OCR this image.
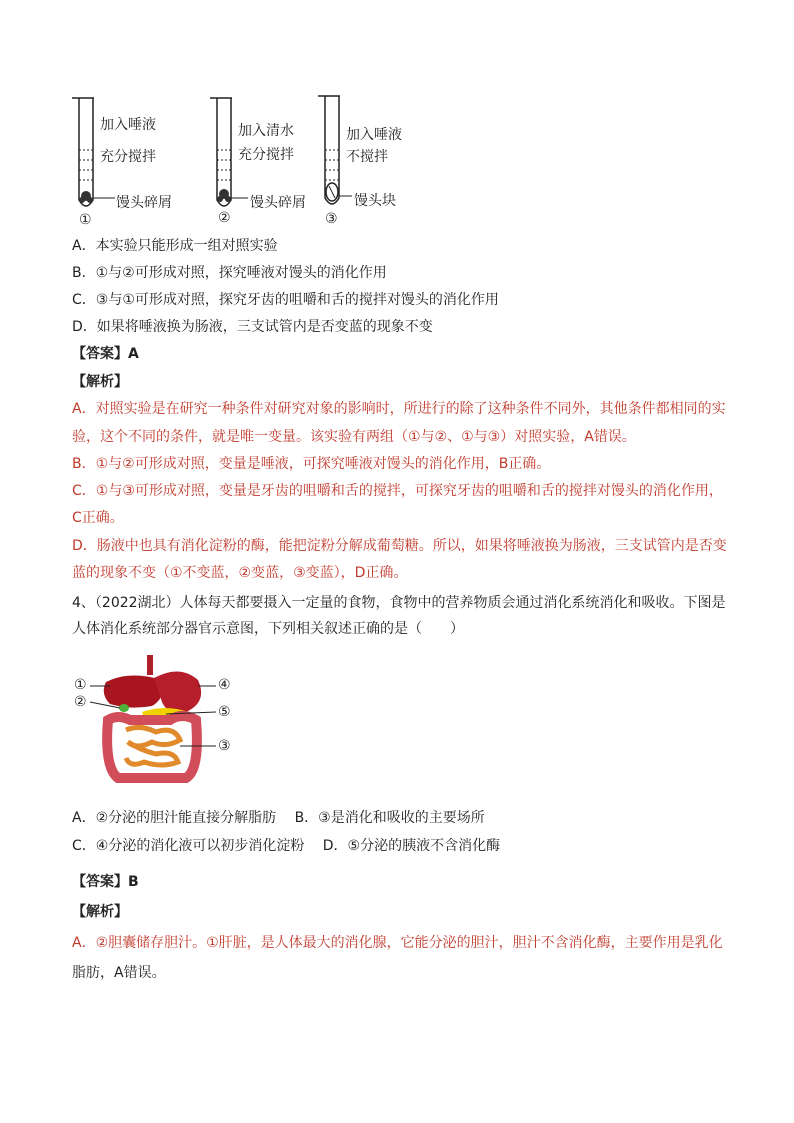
加入唾液
充分搅拌
馒头碎屑
①
加入清水
充分搅拌
馒头碎屑
②
加入唾液
不搅拌
馒头块
③
A．本实验只能形成一组对照实验
B．①与②可形成对照，探究唾液对馒头的消化作用
C．③与①可形成对照，探究牙齿的咀嚼和舌的搅拌对馒头的消化作用
D．如果将唾液换为肠液，三支试管内是否变蓝的现象不变
【答案】A
【解析】
A．对照实验是在研究一种条件对研究对象的影响时，所进行的除了这种条件不同外，其他条件都相同的实
验，这个不同的条件，就是唯一变量。该实验有两组（①与②、①与③）对照实验，A错误。
B．①与②可形成对照，变量是唾液，可探究唾液对馒头的消化作用，B正确。
C．①与③可形成对照，变量是牙齿的咀嚼和舌的搅拌，可探究牙齿的咀嚼和舌的搅拌对馒头的消化作用，
C正确。
D．肠液中也具有消化淀粉的酶，能把淀粉分解成葡萄糖。所以，如果将唾液换为肠液，三支试管内是否变
蓝的现象不变（①不变蓝，②变蓝，③变蓝），D正确。
4、（2022湖北）人体每天都要摄入一定量的食物，食物中的营养物质会通过消化系统消化和吸收。下图是
人体消化系统部分器官示意图，下列相关叙述正确的是（　　）
①
②
④
⑤
③
A．②分泌的胆汁能直接分解脂肪　 B．③是消化和吸收的主要场所
C．④分泌的消化液可以初步消化淀粉　 D．⑤分泌的胰液不含消化酶
【答案】B
【解析】
A．②胆囊储存胆汁。①肝脏，是人体最大的消化腺，它能分泌的胆汁，胆汁不含消化酶，主要作用是乳化
脂肪，A错误。
